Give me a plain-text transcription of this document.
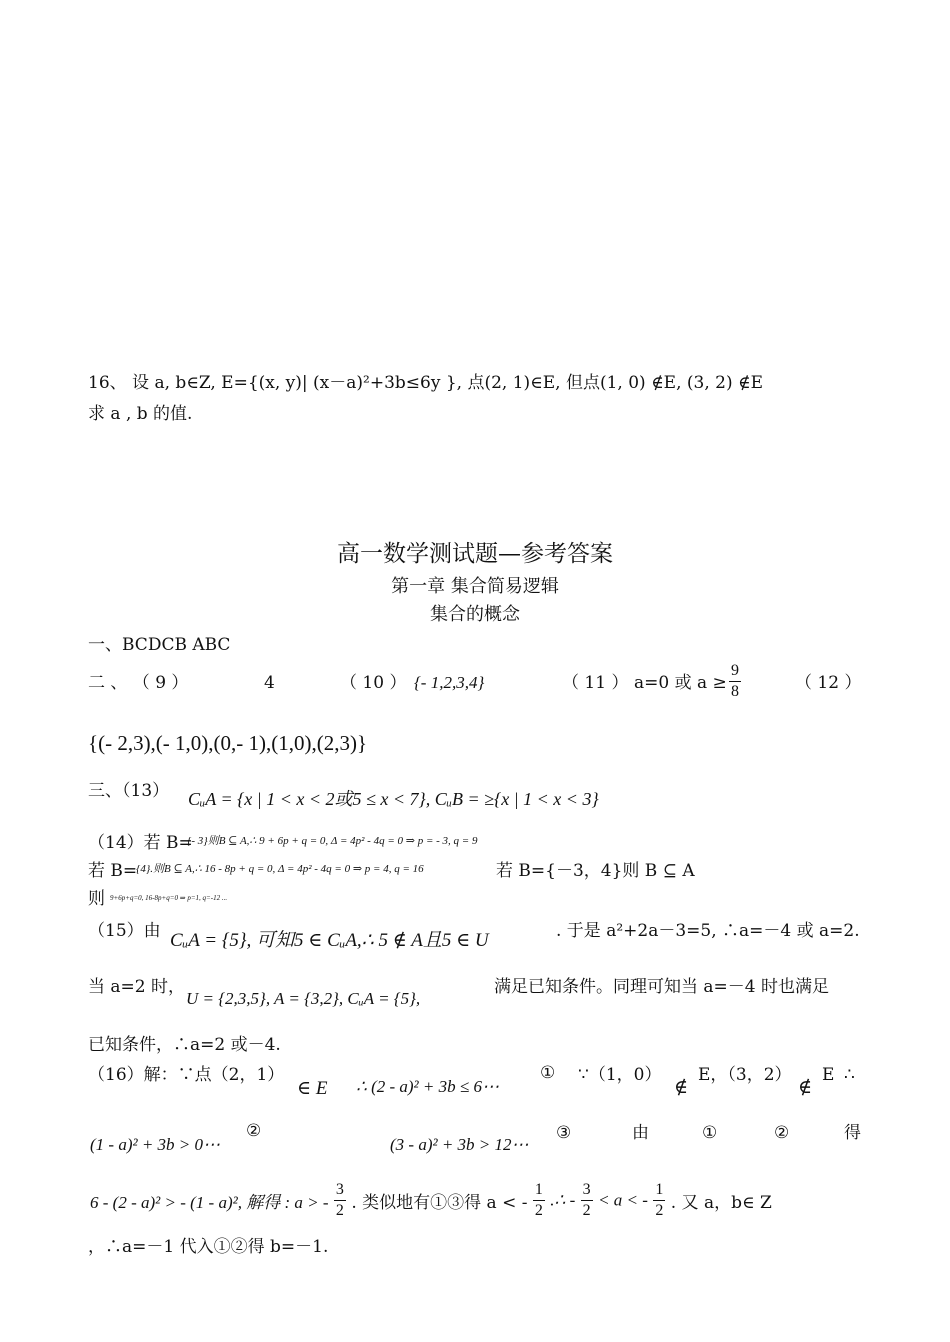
16、 设 a, b∈Z, E={(x, y)| (x－a)²+3b≤6y }, 点(2, 1)∈E, 但点(1, 0) ∉E, (3, 2) ∉E
求 a , b 的值.
高一数学测试题—参考答案
第一章 集合简易逻辑
集合的概念
一、BCDCB ABC
二 、 （ 9 ）	4	（ 10 ） {- 1,2,3,4}	（ 11 ） a=0 或 $a \ge \frac{9}{8}$	（ 12 ）
{(- 2,3),(- 1,0),(0,- 1),(1,0),(2,3)}
三、（13） CᵤA = {x | 1 < x < 2或5 ≤ x < 7}, CᵤB = ≥{x | 1 < x < 3}
（14）若 B=
{- 3}则B ⊆ A,∴ 9 + 6p + q = 0, Δ = 4p² - 4q = 0 ⇒ p = - 3, q = 9
若 B=
{4}.则B ⊆ A,∴ 16 - 8p + q = 0, Δ = 4p² - 4q = 0 ⇒ p = 4, q = 16	若 B={－3，4}则 B ⊆ A
则 9+6p+q=0, 16-8p+q=0 ⇒ p=1, q=-12 ...
（15）由 CᵤA = {5}, 可知5 ∈ CᵤA,∴ 5 ∉ A且5 ∈ U	. 于是 a²+2a－3=5, ∴a=－4 或 a=2.
当 a=2 时，
U = {2,3,5}, A = {3,2}, CᵤA = {5},
满足已知条件。同理可知当 a=－4 时也满足
已知条件，∴a=2 或－4.
（16）解：∵点（2，1）
∈ E ∴ (2 - a)² + 3b ≤ 6⋯
① ∵（1，0）
∉
E，（3，2）
∉
E ∴
(1 - a)² + 3b > 0⋯
②
(3 - a)² + 3b > 12⋯
③	由	①	②	得
6 - (2 - a)² > - (1 - a)², 解得 : a > - $\frac{3}{2}$ . 类似地有①③得 a < - $\frac{1}{2}$ .∴ - $\frac{3}{2} < a$ < - $\frac{1}{2}$ . 又 a，b∈ Z
，∴a=－1 代入①②得 b=－1.
